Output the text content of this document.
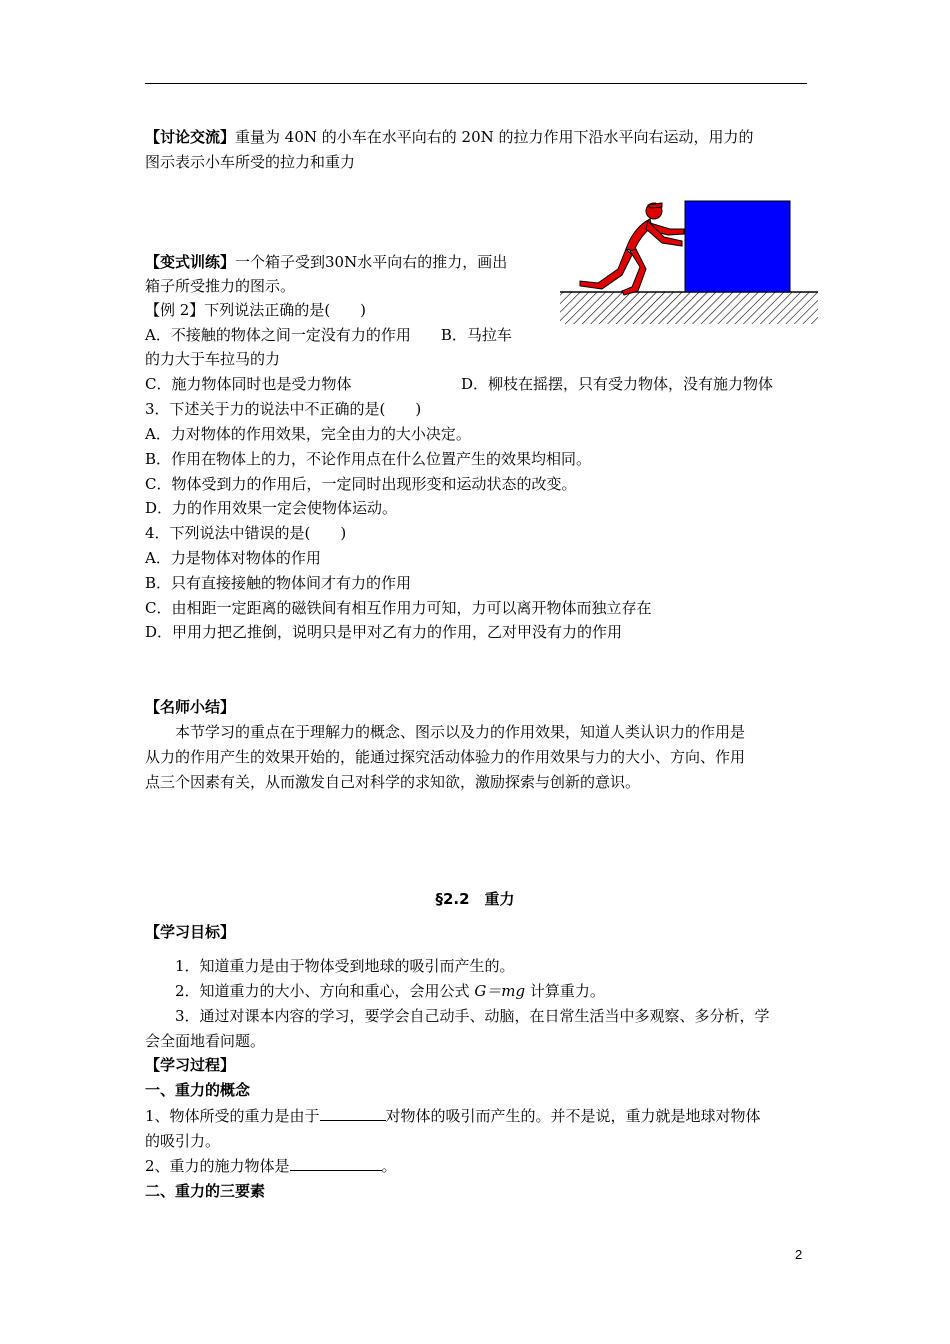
【讨论交流】重量为 40N 的小车在水平向右的 20N 的拉力作用下沿水平向右运动，用力的
图示表示小车所受的拉力和重力
【变式训练】一个箱子受到30N水平向右的推力，画出
箱子所受推力的图示。
【例 2】下列说法正确的是(　　)
A．不接触的物体之间一定没有力的作用　　B．马拉车
的力大于车拉马的力
C．施力物体同时也是受力物体	D．柳枝在摇摆，只有受力物体，没有施力物体
3．下述关于力的说法中不正确的是(　　)
A．力对物体的作用效果，完全由力的大小决定。
B．作用在物体上的力，不论作用点在什么位置产生的效果均相同。
C．物体受到力的作用后，一定同时出现形变和运动状态的改变。
D．力的作用效果一定会使物体运动。
4．下列说法中错误的是(　　)
A．力是物体对物体的作用
B．只有直接接触的物体间才有力的作用
C．由相距一定距离的磁铁间有相互作用力可知，力可以离开物体而独立存在
D．甲用力把乙推倒，说明只是甲对乙有力的作用，乙对甲没有力的作用
【名师小结】
本节学习的重点在于理解力的概念、图示以及力的作用效果，知道人类认识力的作用是
从力的作用产生的效果开始的，能通过探究活动体验力的作用效果与力的大小、方向、作用
点三个因素有关，从而激发自己对科学的求知欲，激励探索与创新的意识。
§2.2　重力
【学习目标】
1．知道重力是由于物体受到地球的吸引而产生的。
2．知道重力的大小、方向和重心，会用公式 G＝mg 计算重力。
3．通过对课本内容的学习，要学会自己动手、动脑，在日常生活当中多观察、多分析，学
会全面地看问题。
【学习过程】
一、重力的概念
1、物体所受的重力是由于	对物体的吸引而产生的。并不是说，重力就是地球对物体
的吸引力。
2、重力的施力物体是	。
二、重力的三要素
2
